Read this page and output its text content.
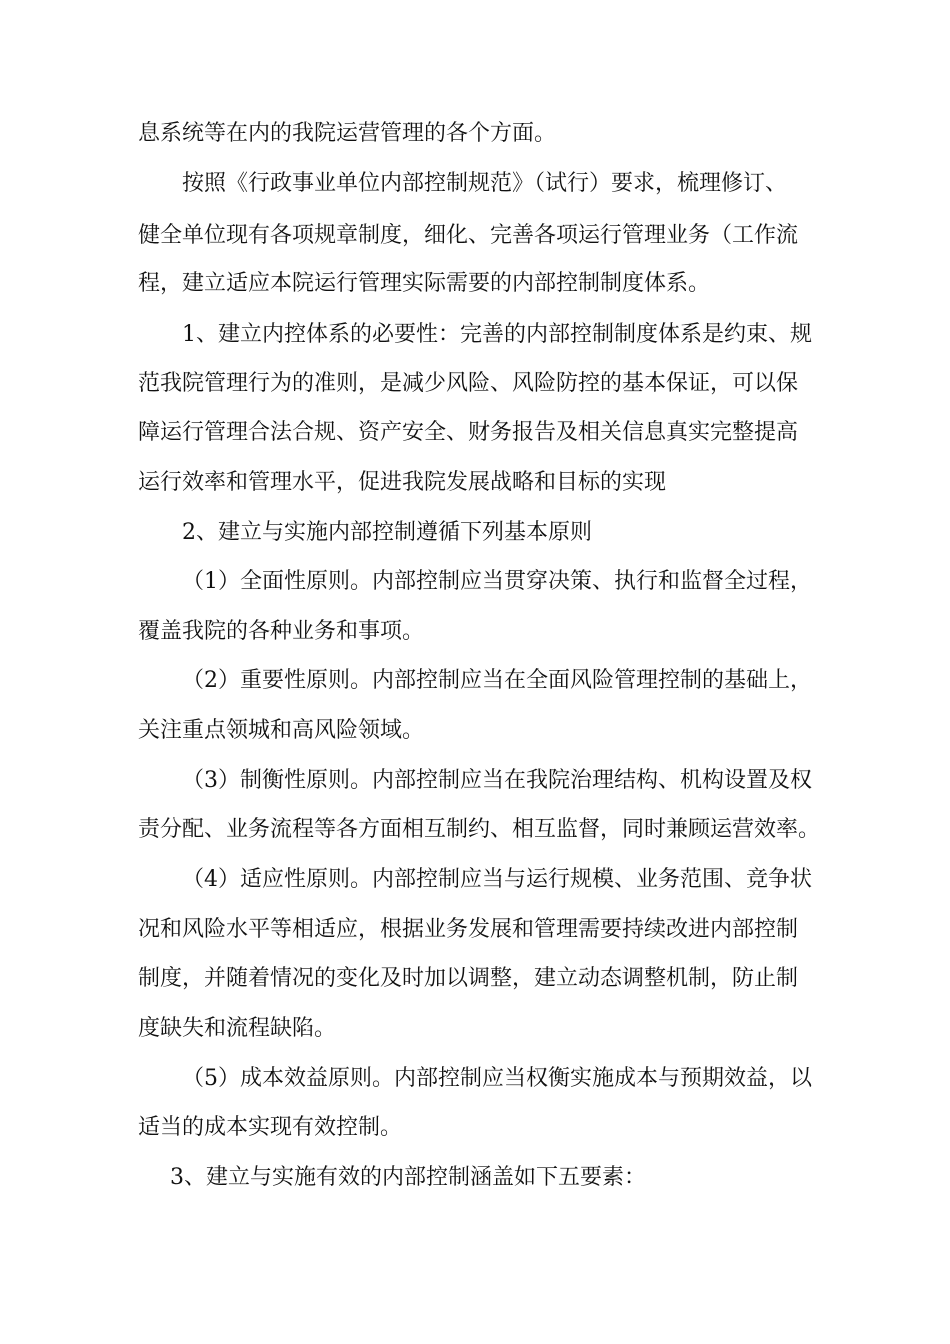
息系统等在内的我院运营管理的各个方面。
按照《行政事业单位内部控制规范》（试行）要求，梳理修订、
健全单位现有各项规章制度，细化、完善各项运行管理业务（工作流
程，建立适应本院运行管理实际需要的内部控制制度体系。
1、建立内控体系的必要性：完善的内部控制制度体系是约束、规
范我院管理行为的准则，是减少风险、风险防控的基本保证，可以保
障运行管理合法合规、资产安全、财务报告及相关信息真实完整提高
运行效率和管理水平，促进我院发展战略和目标的实现
2、建立与实施内部控制遵循下列基本原则
（1）全面性原则。内部控制应当贯穿决策、执行和监督全过程，
覆盖我院的各种业务和事项。
（2）重要性原则。内部控制应当在全面风险管理控制的基础上，
关注重点领城和高风险领域。
（3）制衡性原则。内部控制应当在我院治理结构、机构设置及权
责分配、业务流程等各方面相互制约、相互监督，同时兼顾运营效率。
（4）适应性原则。内部控制应当与运行规模、业务范围、竞争状
况和风险水平等相适应，根据业务发展和管理需要持续改进内部控制
制度，并随着情况的变化及时加以调整，建立动态调整机制，防止制
度缺失和流程缺陷。
（5）成本效益原则。内部控制应当权衡实施成本与预期效益，以
适当的成本实现有效控制。
3、建立与实施有效的内部控制涵盖如下五要素：
